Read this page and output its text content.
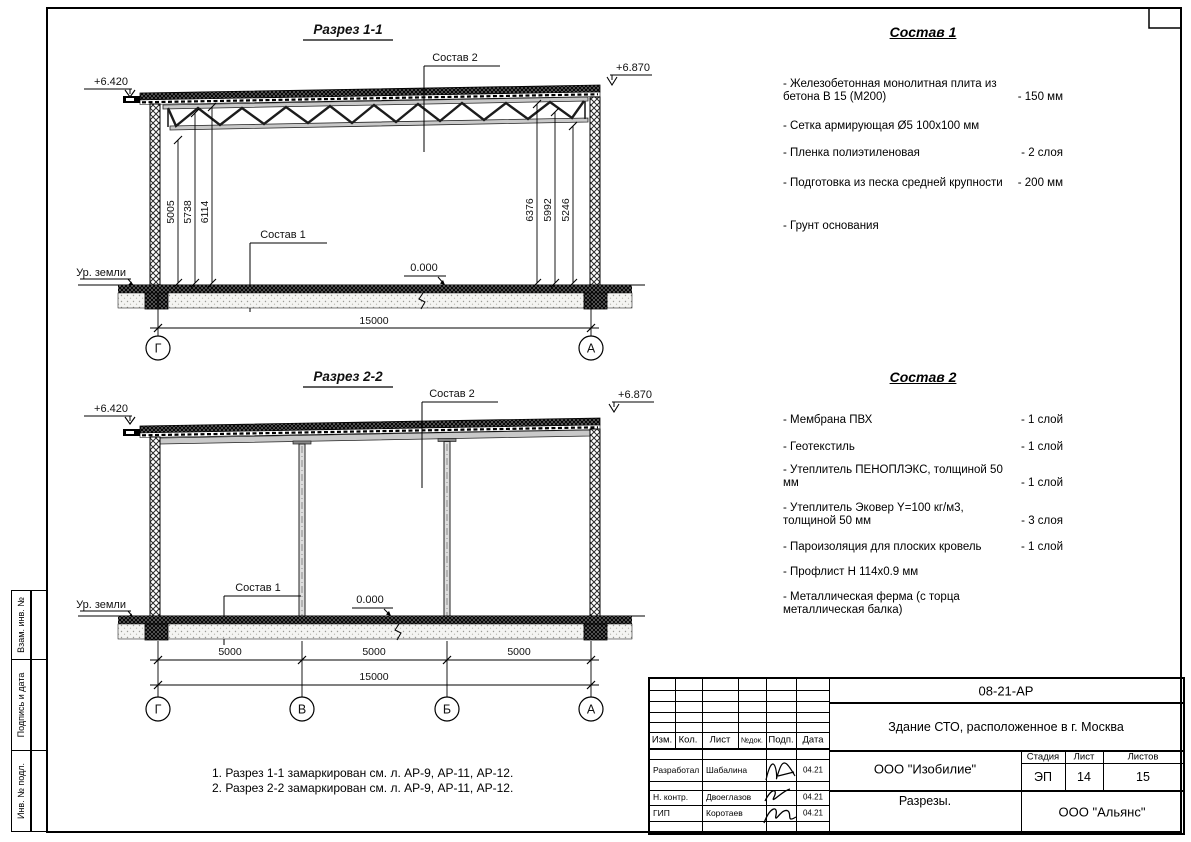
Разрез 1-1
Состав 2
Состав 1
+6.420
+6.870
Ур. земли	0.000
5005 5738 6114	6376 5992 5246
15000
Г	А
Разрез 2-2
Состав 2
Состав 1
+6.420
+6.870
Ур. земли	0.000
5000	5000	5000
15000
Г	В	Б	А
Состав 1
- Железобетонная монолитная плита из бетона В 15 (М200)	- 150 мм
- Сетка армирующая Ø5 100х100 мм
- Пленка полиэтиленовая	- 2 слоя
- Подготовка из песка средней крупности - 200 мм
- Грунт основания
Состав 2
- Мембрана ПВХ	- 1 слой
- Геотекстиль	- 1 слой
- Утеплитель ПЕНОПЛЭКС, толщиной 50 мм	- 1 слой
- Утеплитель Эковер Y=100 кг/м3, толщиной 50 мм	- 3 слоя
- Пароизоляция для плоских кровель	- 1 слой
- Профлист Н 114х0.9 мм
- Металлическая ферма (с торца металлическая балка)
1. Разрез 1-1 замаркирован см. л. АР-9, АР-11, АР-12.
2. Разрез 2-2 замаркирован см. л. АР-9, АР-11, АР-12.
Изм. Кол. Лист №док. Подп. Дата
Разработал Шабалина	04.21
Н. контр. Двоеглазов	04.21
ГИП	Коротаев	04.21
08-21-АР
Здание СТО, расположенное в г. Москва
ООО "Изобилие"
Стадия Лист	Листов
ЭП 14	15
Разрезы.
ООО "Альянс"
Взам. инв. №
Подпись и дата
Инв. № подл.
